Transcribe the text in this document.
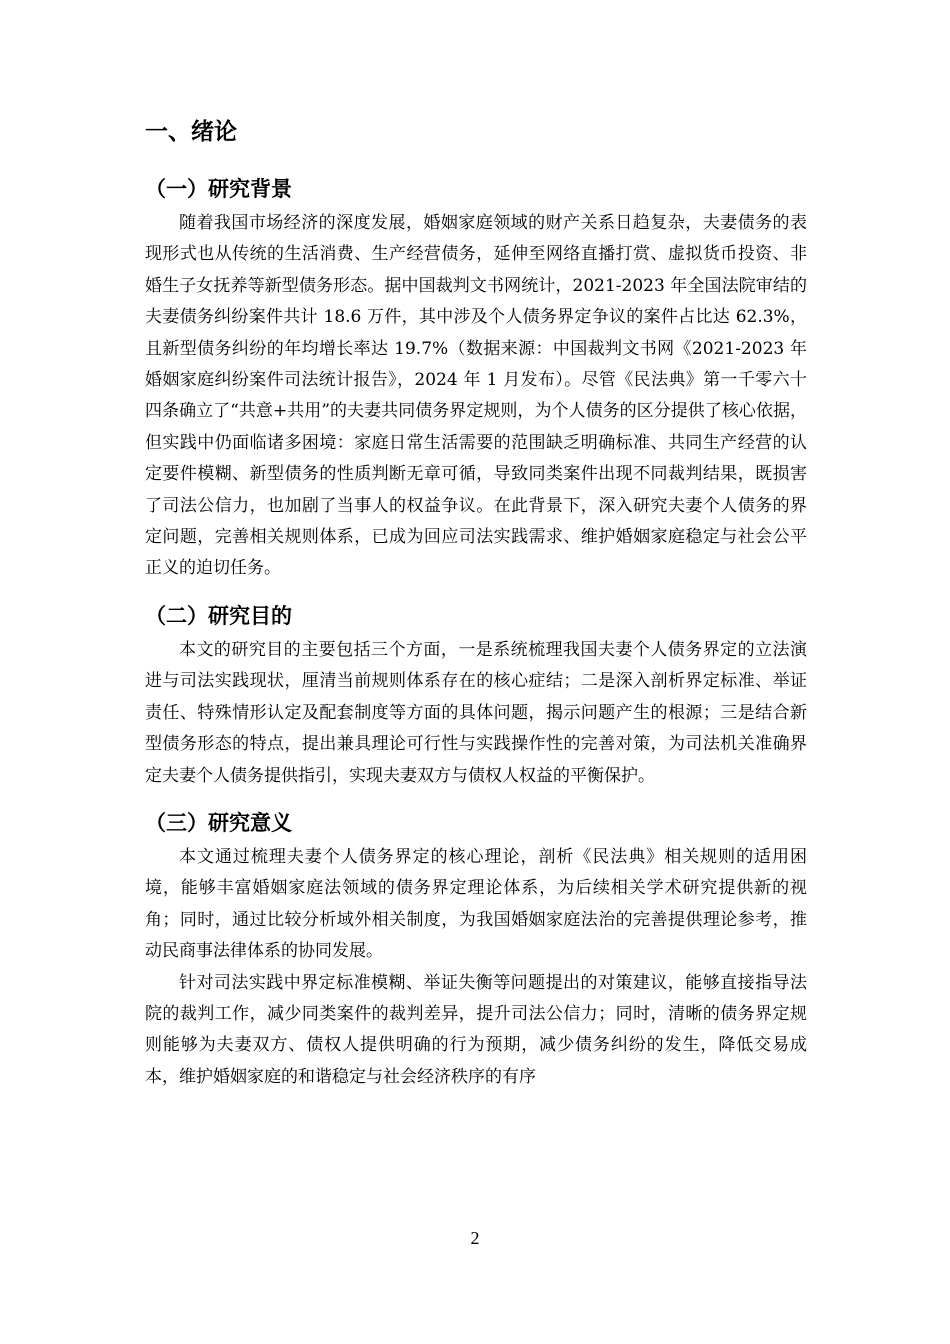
一、绪论
（一）研究背景

随着我国市场经济的深度发展，婚姻家庭领域的财产关系日趋复杂，夫妻债务的表现形式也从传统的生活消费、生产经营债务，延伸至网络直播打赏、虚拟货币投资、非婚生子女抚养等新型债务形态。据中国裁判文书网统计，2021-2023 年全国法院审结的夫妻债务纠纷案件共计 18.6 万件，其中涉及个人债务界定争议的案件占比达 62.3%，且新型债务纠纷的年均增长率达 19.7%（数据来源：中国裁判文书网《2021-2023 年婚姻家庭纠纷案件司法统计报告》，2024 年 1 月发布）。尽管《民法典》第一千零六十四条确立了“共意+共用”的夫妻共同债务界定规则，为个人债务的区分提供了核心依据，但实践中仍面临诸多困境：家庭日常生活需要的范围缺乏明确标准、共同生产经营的认定要件模糊、新型债务的性质判断无章可循，导致同类案件出现不同裁判结果，既损害了司法公信力，也加剧了当事人的权益争议。在此背景下，深入研究夫妻个人债务的界定问题，完善相关规则体系，已成为回应司法实践需求、维护婚姻家庭稳定与社会公平正义的迫切任务。

（二）研究目的

本文的研究目的主要包括三个方面，一是系统梳理我国夫妻个人债务界定的立法演进与司法实践现状，厘清当前规则体系存在的核心症结；二是深入剖析界定标准、举证责任、特殊情形认定及配套制度等方面的具体问题，揭示问题产生的根源；三是结合新型债务形态的特点，提出兼具理论可行性与实践操作性的完善对策，为司法机关准确界定夫妻个人债务提供指引，实现夫妻双方与债权人权益的平衡保护。

（三）研究意义

本文通过梳理夫妻个人债务界定的核心理论，剖析《民法典》相关规则的适用困境，能够丰富婚姻家庭法领域的债务界定理论体系，为后续相关学术研究提供新的视角；同时，通过比较分析域外相关制度，为我国婚姻家庭法治的完善提供理论参考，推动民商事法律体系的协同发展。

针对司法实践中界定标准模糊、举证失衡等问题提出的对策建议，能够直接指导法院的裁判工作，减少同类案件的裁判差异，提升司法公信力；同时，清晰的债务界定规则能够为夫妻双方、债权人提供明确的行为预期，减少债务纠纷的发生，降低交易成本，维护婚姻家庭的和谐稳定与社会经济秩序的有序

2
